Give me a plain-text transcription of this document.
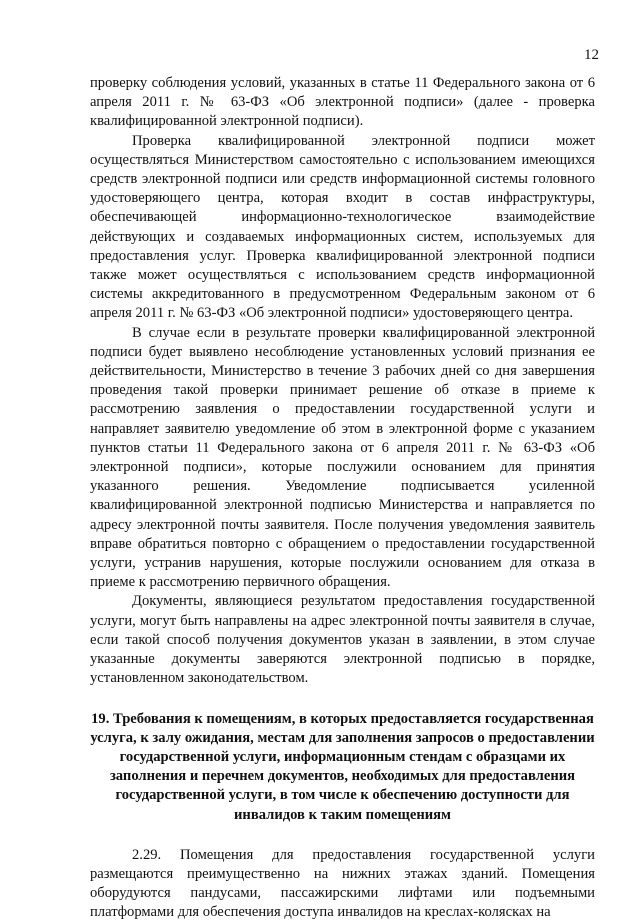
12

проверку соблюдения условий, указанных в статье 11 Федерального закона от 6 апреля 2011 г. № 63-ФЗ «Об электронной подписи» (далее - проверка квалифицированной электронной подписи).

Проверка квалифицированной электронной подписи может осуществляться Министерством самостоятельно с использованием имеющихся средств электронной подписи или средств информационной системы головного удостоверяющего центра, которая входит в состав инфраструктуры, обеспечивающей информационно-технологическое взаимодействие действующих и создаваемых информационных систем, используемых для предоставления услуг. Проверка квалифицированной электронной подписи также может осуществляться с использованием средств информационной системы аккредитованного в предусмотренном Федеральным законом от 6 апреля 2011 г. № 63-ФЗ «Об электронной подписи» удостоверяющего центра.

В случае если в результате проверки квалифицированной электронной подписи будет выявлено несоблюдение установленных условий признания ее действительности, Министерство в течение 3 рабочих дней со дня завершения проведения такой проверки принимает решение об отказе в приеме к рассмотрению заявления о предоставлении государственной услуги и направляет заявителю уведомление об этом в электронной форме с указанием пунктов статьи 11 Федерального закона от 6 апреля 2011 г. № 63-ФЗ «Об электронной подписи», которые послужили основанием для принятия указанного решения. Уведомление подписывается усиленной квалифицированной электронной подписью Министерства и направляется по адресу электронной почты заявителя. После получения уведомления заявитель вправе обратиться повторно с обращением о предоставлении государственной услуги, устранив нарушения, которые послужили основанием для отказа в приеме к рассмотрению первичного обращения.

Документы, являющиеся результатом предоставления государственной услуги, могут быть направлены на адрес электронной почты заявителя в случае, если такой способ получения документов указан в заявлении, в этом случае указанные документы заверяются электронной подписью в порядке, установленном законодательством.

19. Требования к помещениям, в которых предоставляется государственная услуга, к залу ожидания, местам для заполнения запросов о предоставлении государственной услуги, информационным стендам с образцами их заполнения и перечнем документов, необходимых для предоставления государственной услуги, в том числе к обеспечению доступности для инвалидов к таким помещениям

2.29. Помещения для предоставления государственной услуги размещаются преимущественно на нижних этажах зданий. Помещения оборудуются пандусами, пассажирскими лифтами или подъемными платформами для обеспечения доступа инвалидов на креслах-колясках на
